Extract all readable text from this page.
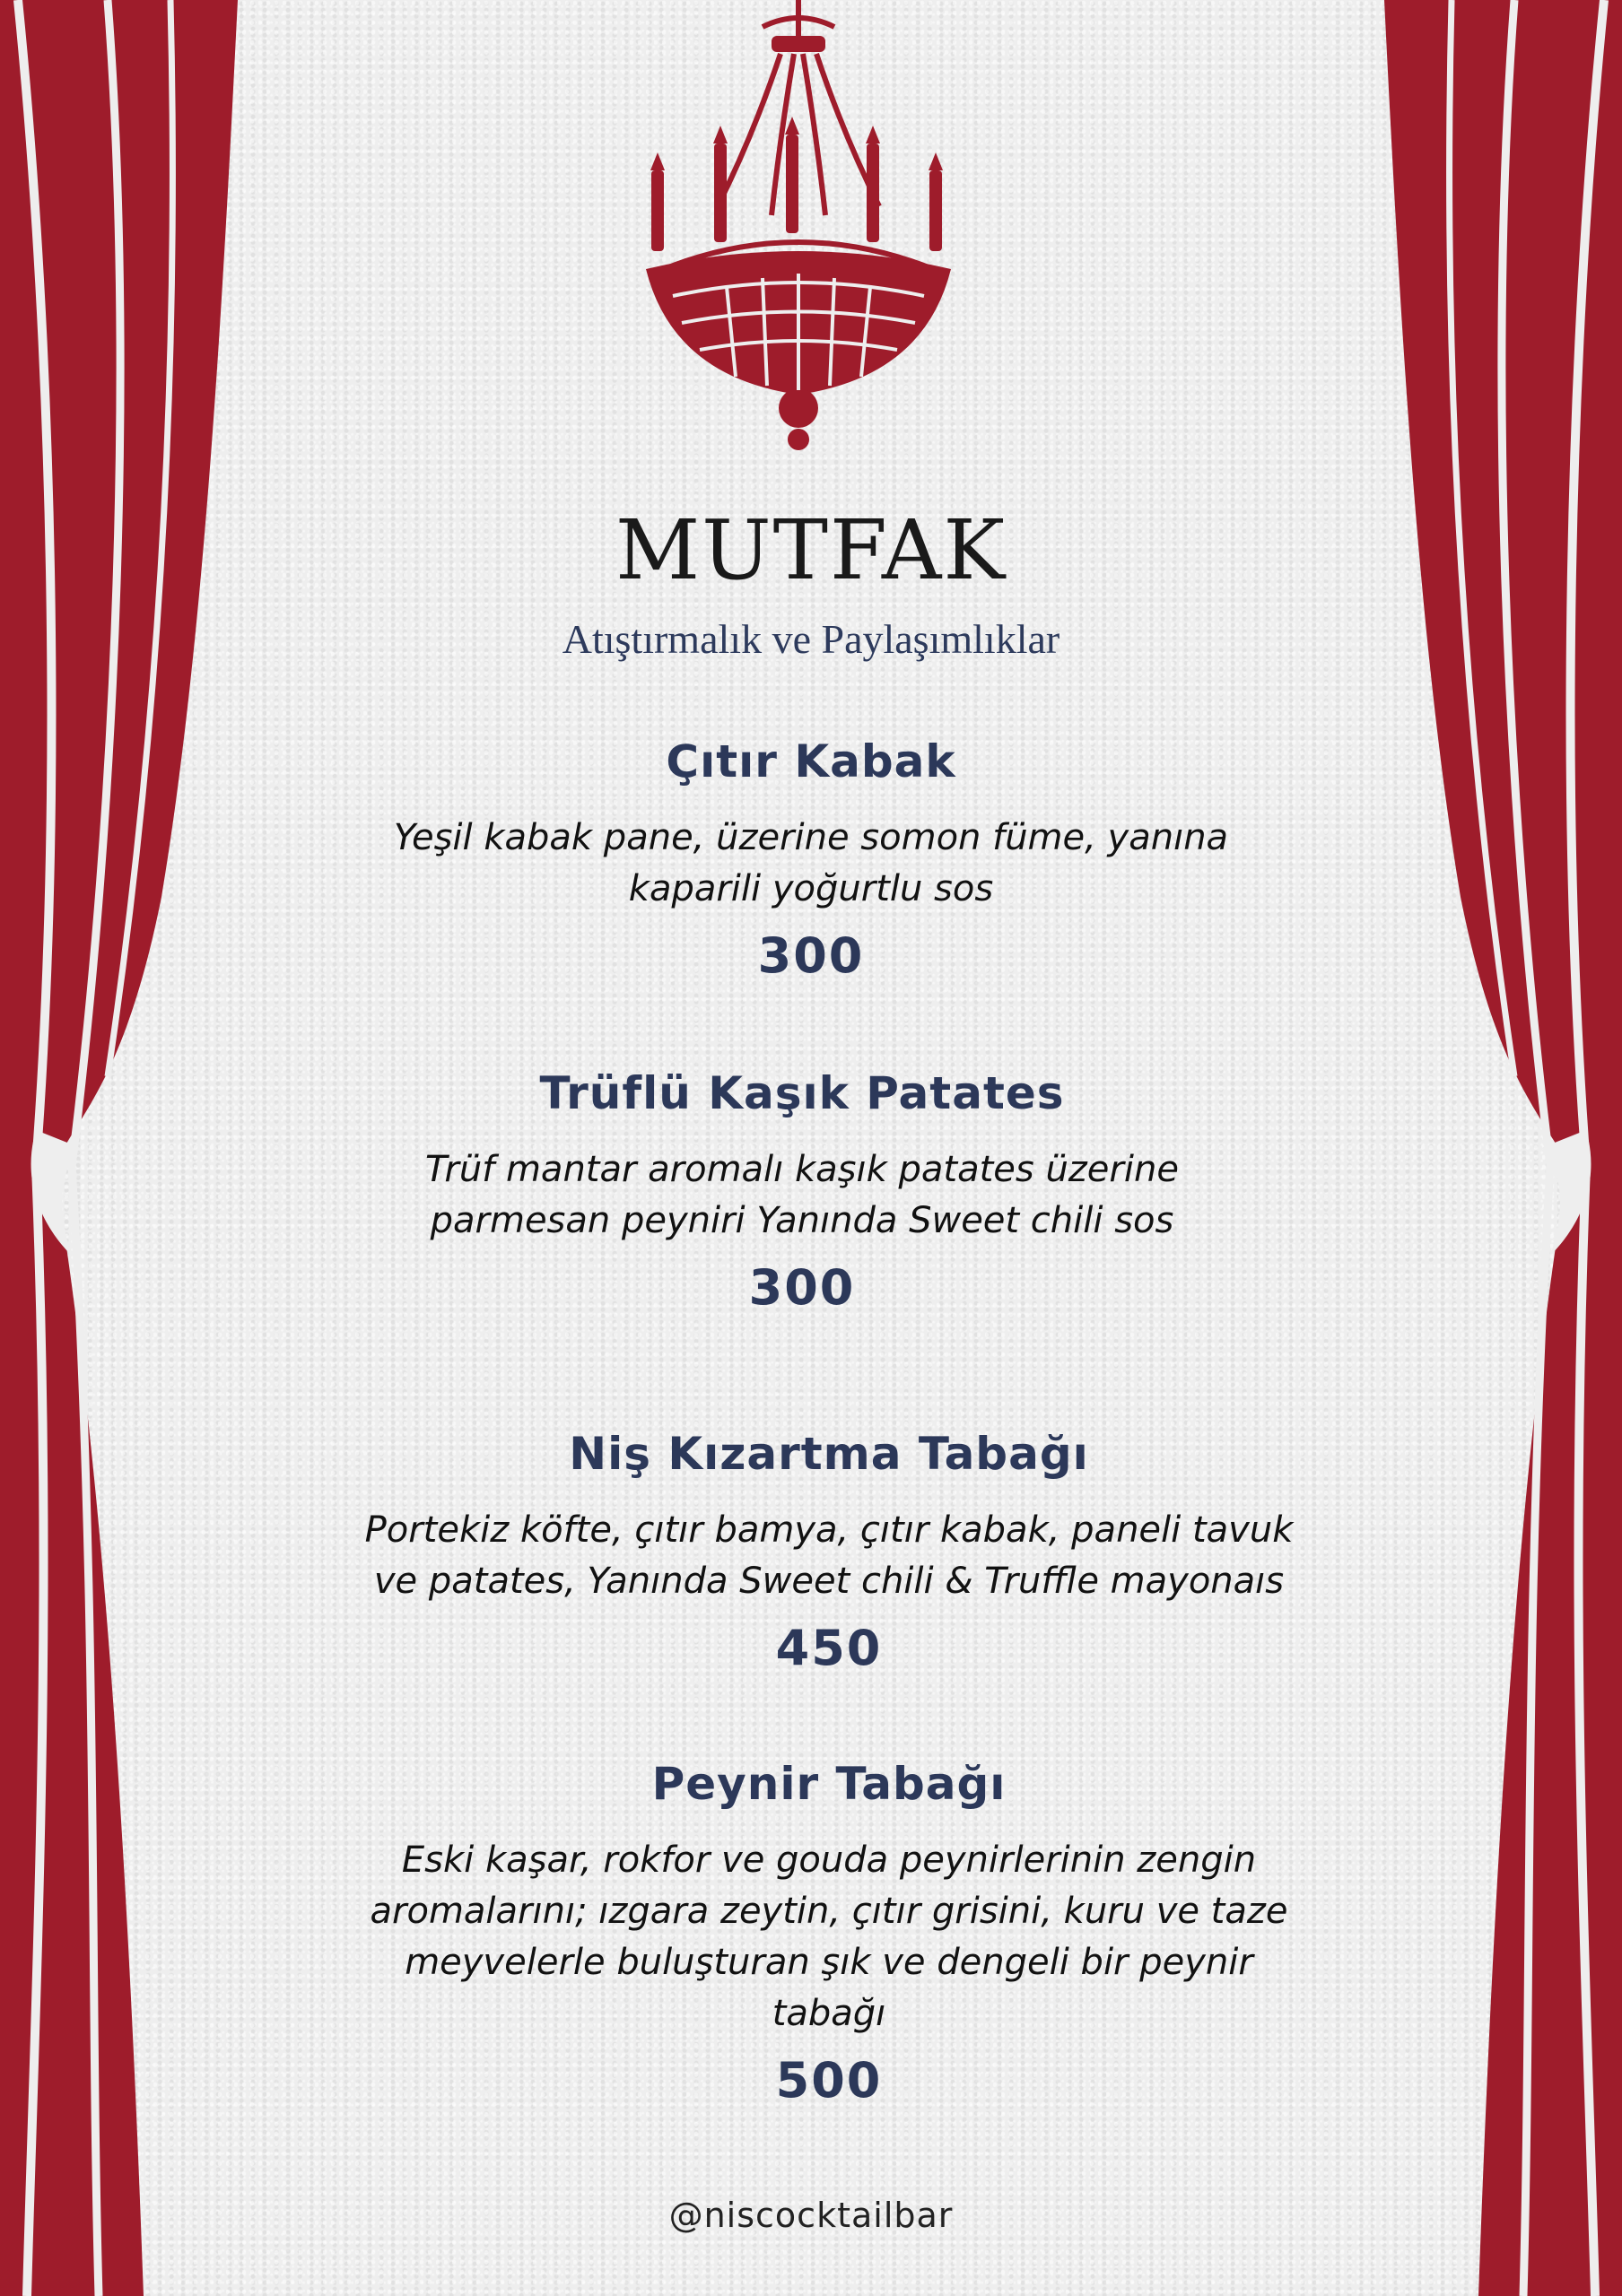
MUTFAK

Atıştırmalık ve Paylaşımlıklar

Çıtır Kabak

Yeşil kabak pane, üzerine somon füme, yanına
kaparili yoğurtlu sos

300

Trüflü Kaşık Patates

Trüf mantar aromalı kaşık patates üzerine
parmesan peyniri Yanında Sweet chili sos

300

Niş Kızartma Tabağı

Portekiz köfte, çıtır bamya, çıtır kabak, paneli tavuk
ve patates, Yanında Sweet chili & Truffle mayonaıs

450

Peynir Tabağı

Eski kaşar, rokfor ve gouda peynirlerinin zengin
aromalarını; ızgara zeytin, çıtır grisini, kuru ve taze
meyvelerle buluşturan şık ve dengeli bir peynir
tabağı

500

@niscocktailbar
